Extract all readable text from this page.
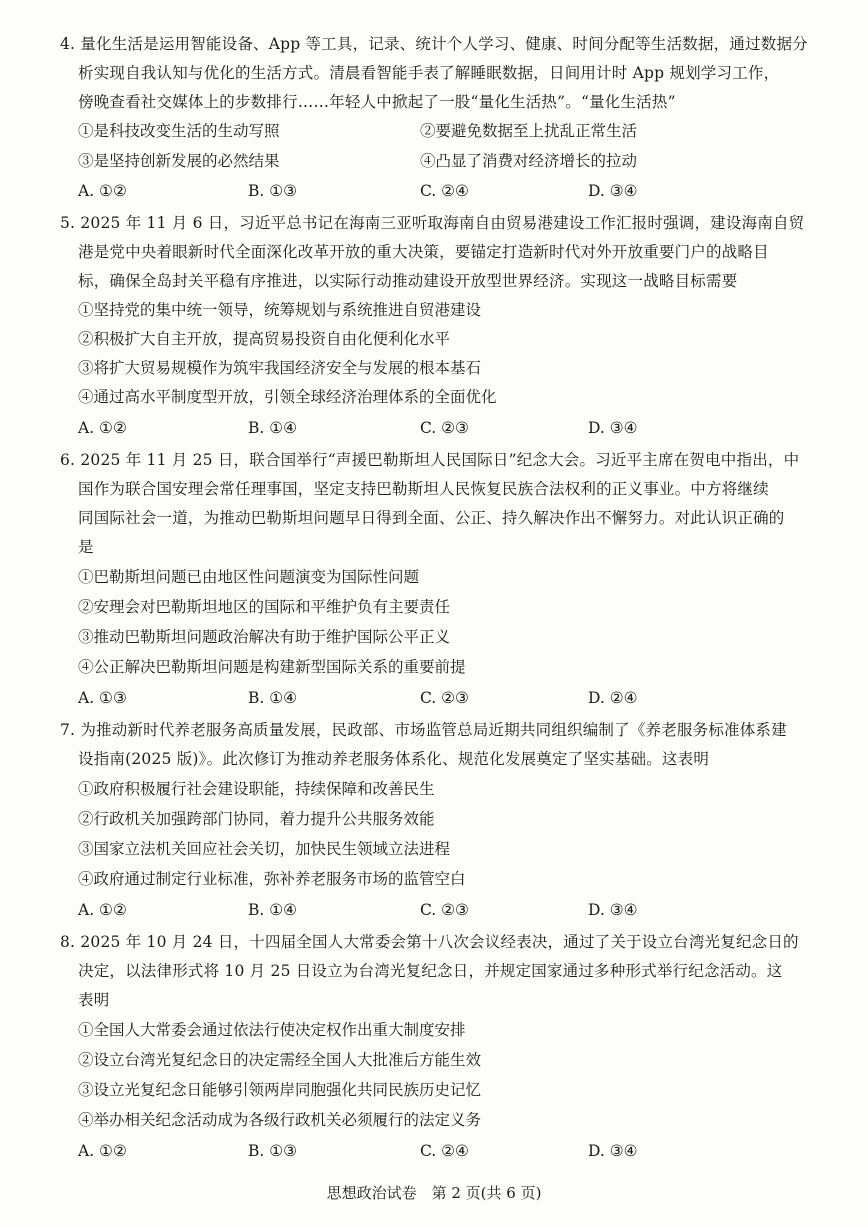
4. 量化生活是运用智能设备、App 等工具，记录、统计个人学习、健康、时间分配等生活数据，通过数据分
析实现自我认知与优化的生活方式。清晨看智能手表了解睡眠数据，日间用计时 App 规划学习工作，
傍晚查看社交媒体上的步数排行……年轻人中掀起了一股“量化生活热”。“量化生活热”
①是科技改变生活的生动写照	②要避免数据至上扰乱正常生活
③是坚持创新发展的必然结果	④凸显了消费对经济增长的拉动
A. ①②	B. ①③	C. ②④	D. ③④
5. 2025 年 11 月 6 日，习近平总书记在海南三亚听取海南自由贸易港建设工作汇报时强调，建设海南自贸
港是党中央着眼新时代全面深化改革开放的重大决策，要锚定打造新时代对外开放重要门户的战略目
标，确保全岛封关平稳有序推进，以实际行动推动建设开放型世界经济。实现这一战略目标需要
①坚持党的集中统一领导，统筹规划与系统推进自贸港建设
②积极扩大自主开放，提高贸易投资自由化便利化水平
③将扩大贸易规模作为筑牢我国经济安全与发展的根本基石
④通过高水平制度型开放，引领全球经济治理体系的全面优化
A. ①②	B. ①④	C. ②③	D. ③④
6. 2025 年 11 月 25 日，联合国举行“声援巴勒斯坦人民国际日”纪念大会。习近平主席在贺电中指出，中
国作为联合国安理会常任理事国，坚定支持巴勒斯坦人民恢复民族合法权利的正义事业。中方将继续
同国际社会一道，为推动巴勒斯坦问题早日得到全面、公正、持久解决作出不懈努力。对此认识正确的
是
①巴勒斯坦问题已由地区性问题演变为国际性问题
②安理会对巴勒斯坦地区的国际和平维护负有主要责任
③推动巴勒斯坦问题政治解决有助于维护国际公平正义
④公正解决巴勒斯坦问题是构建新型国际关系的重要前提
A. ①③	B. ①④	C. ②③	D. ②④
7. 为推动新时代养老服务高质量发展，民政部、市场监管总局近期共同组织编制了《养老服务标准体系建
设指南(2025 版)》。此次修订为推动养老服务体系化、规范化发展奠定了坚实基础。这表明
①政府积极履行社会建设职能，持续保障和改善民生
②行政机关加强跨部门协同，着力提升公共服务效能
③国家立法机关回应社会关切，加快民生领域立法进程
④政府通过制定行业标准，弥补养老服务市场的监管空白
A. ①②	B. ①④	C. ②③	D. ③④
8. 2025 年 10 月 24 日，十四届全国人大常委会第十八次会议经表决，通过了关于设立台湾光复纪念日的
决定，以法律形式将 10 月 25 日设立为台湾光复纪念日，并规定国家通过多种形式举行纪念活动。这
表明
①全国人大常委会通过依法行使决定权作出重大制度安排
②设立台湾光复纪念日的决定需经全国人大批准后方能生效
③设立光复纪念日能够引领两岸同胞强化共同民族历史记忆
④举办相关纪念活动成为各级行政机关必须履行的法定义务
A. ①②	B. ①③	C. ②④	D. ③④
思想政治试卷　第 2 页(共 6 页)
